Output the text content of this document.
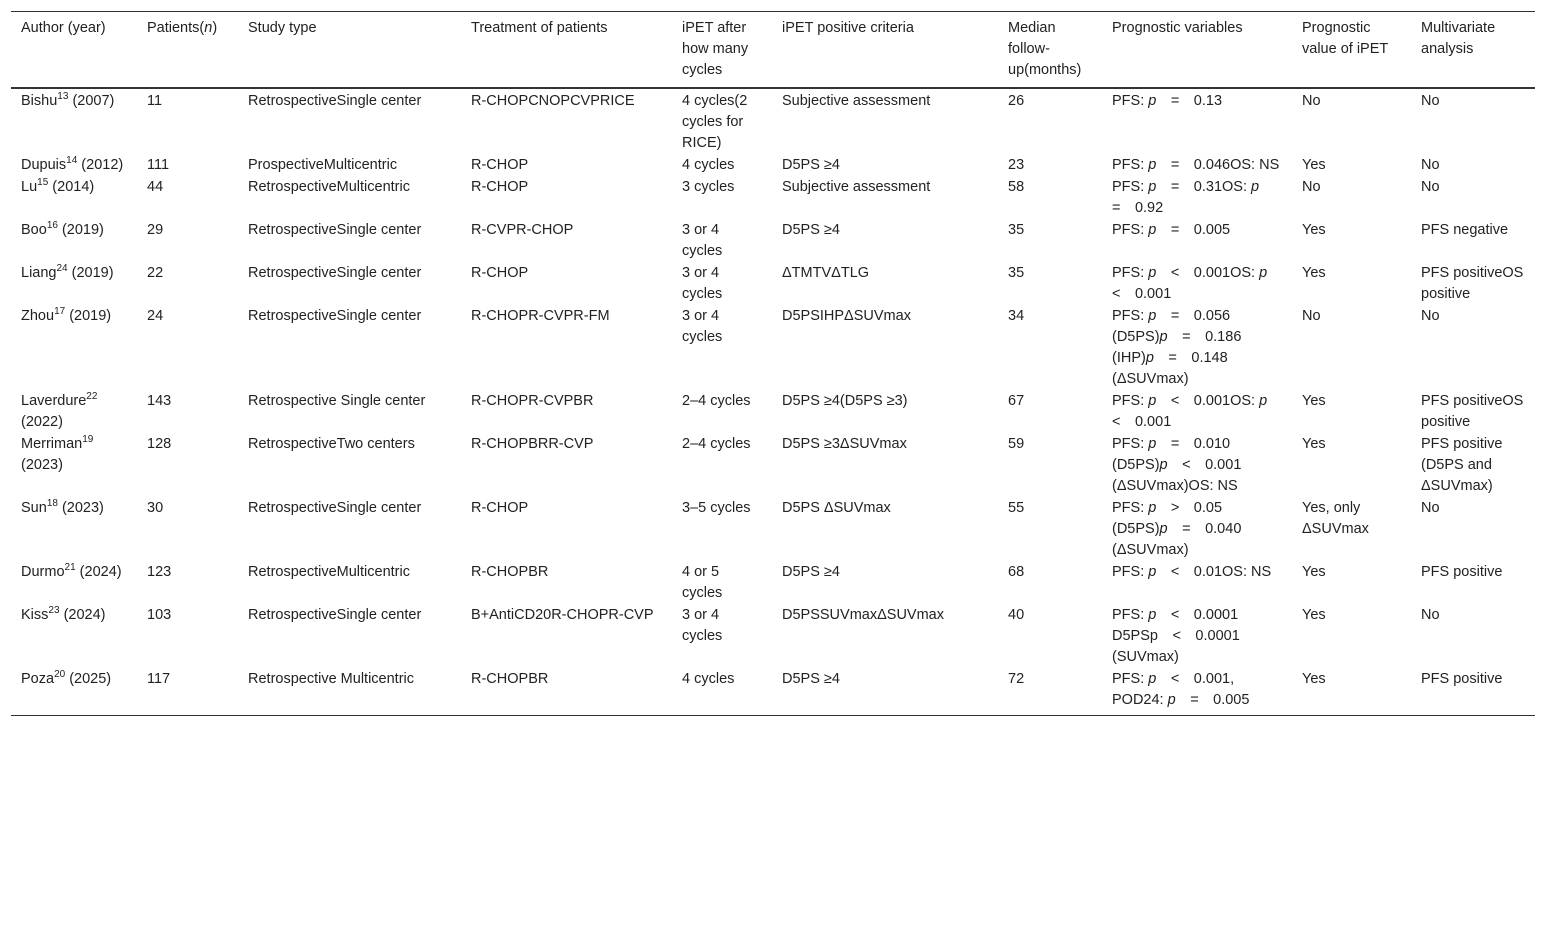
Author (year)	Patients(n)	Study type	Treatment of patients	iPET after how many cycles	iPET positive criteria	Median follow-up(months)	Prognostic variables	Prognostic value of iPET	Multivariate analysis
Bishu$^{13}$ (2007)	11	RetrospectiveSingle center	R-CHOPCNOPCVPRICE	4 cycles(2 cycles for RICE)	Subjective assessment	26	PFS: p = 0.13	No	No
Dupuis$^{14}$ (2012)	111	ProspectiveMulticentric	R-CHOP	4 cycles	D5PS ≥4	23	PFS: p = 0.046OS: NS	Yes	No
Lu$^{15}$ (2014)	44	RetrospectiveMulticentric	R-CHOP	3 cycles	Subjective assessment	58	PFS: p = 0.31OS: p = 0.92	No	No
Boo$^{16}$ (2019)	29	RetrospectiveSingle center	R-CVPR-CHOP	3 or 4 cycles	D5PS ≥4	35	PFS: p = 0.005	Yes	PFS negative
Liang$^{24}$ (2019)	22	RetrospectiveSingle center	R-CHOP	3 or 4 cycles	ΔTMTVΔTLG	35	PFS: p < 0.001OS: p < 0.001	Yes	PFS positiveOS positive
Zhou$^{17}$ (2019)	24	RetrospectiveSingle center	R-CHOPR-CVPR-FM	3 or 4 cycles	D5PSIHPΔSUVmax	34	PFS: p = 0.056 (D5PS)p = 0.186 (IHP)p = 0.148 (ΔSUVmax)	No	No
Laverdure$^{22}$ (2022)	143	Retrospective Single center	R-CHOPR-CVPBR	2–4 cycles	D5PS ≥4(D5PS ≥3)	67	PFS: p < 0.001OS: p < 0.001	Yes	PFS positiveOS positive
Merriman$^{19}$ (2023)	128	RetrospectiveTwo centers	R-CHOPBRR-CVP	2–4 cycles	D5PS ≥3ΔSUVmax	59	PFS: p = 0.010 (D5PS)p < 0.001 (ΔSUVmax)OS: NS	Yes	PFS positive (D5PS and ΔSUVmax)
Sun$^{18}$ (2023)	30	RetrospectiveSingle center	R-CHOP	3–5 cycles	D5PS ΔSUVmax	55	PFS: p > 0.05 (D5PS)p = 0.040 (ΔSUVmax)	Yes, only ΔSUVmax	No
Durmo$^{21}$ (2024)	123	RetrospectiveMulticentric	R-CHOPBR	4 or 5 cycles	D5PS ≥4	68	PFS: p < 0.01OS: NS	Yes	PFS positive
Kiss$^{23}$ (2024)	103	RetrospectiveSingle center	B+AntiCD20R-CHOPR-CVP	3 or 4 cycles	D5PSSUVmaxΔSUVmax	40	PFS: p < 0.0001 D5PSp < 0.0001 (SUVmax)	Yes	No
Poza$^{20}$ (2025)	117	Retrospective Multicentric	R-CHOPBR	4 cycles	D5PS ≥4	72	PFS: p < 0.001, POD24: p = 0.005	Yes	PFS positive
